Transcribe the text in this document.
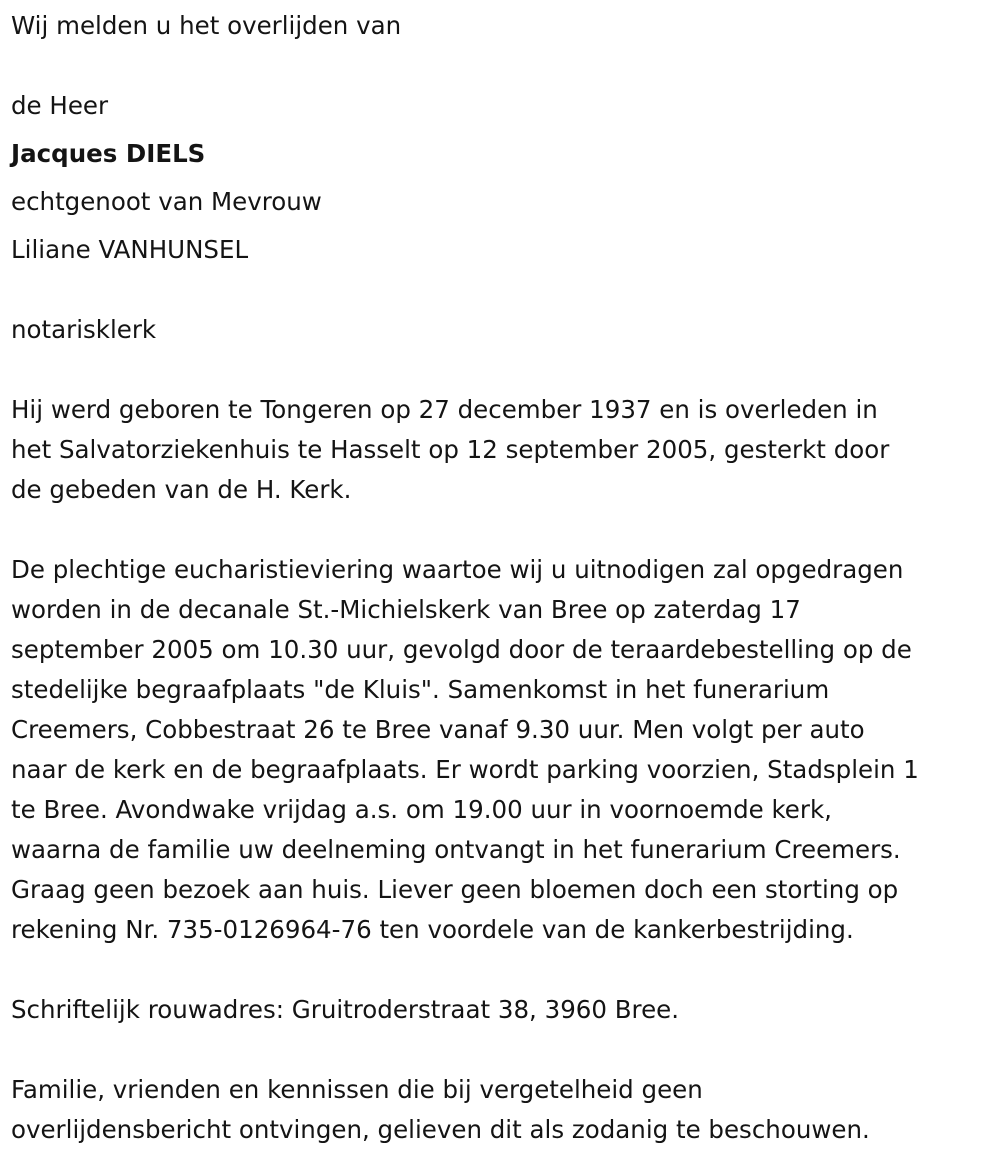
Wij melden u het overlijden van

de Heer

Jacques DIELS

echtgenoot van Mevrouw

Liliane VANHUNSEL

notarisklerk

Hij werd geboren te Tongeren op 27 december 1937 en is overleden in
het Salvatorziekenhuis te Hasselt op 12 september 2005, gesterkt door
de gebeden van de H. Kerk.
De plechtige eucharistieviering waartoe wij u uitnodigen zal opgedragen
worden in de decanale St.-Michielskerk van Bree op zaterdag 17
september 2005 om 10.30 uur, gevolgd door de teraardebestelling op de
stedelijke begraafplaats "de Kluis". Samenkomst in het funerarium
Creemers, Cobbestraat 26 te Bree vanaf 9.30 uur. Men volgt per auto
naar de kerk en de begraafplaats. Er wordt parking voorzien, Stadsplein 1
te Bree. Avondwake vrijdag a.s. om 19.00 uur in voornoemde kerk,
waarna de familie uw deelneming ontvangt in het funerarium Creemers.
Graag geen bezoek aan huis. Liever geen bloemen doch een storting op
rekening Nr. 735-0126964-76 ten voordele van de kankerbestrijding.
Schriftelijk rouwadres: Gruitroderstraat 38, 3960 Bree.
Familie, vrienden en kennissen die bij vergetelheid geen
overlijdensbericht ontvingen, gelieven dit als zodanig te beschouwen.
